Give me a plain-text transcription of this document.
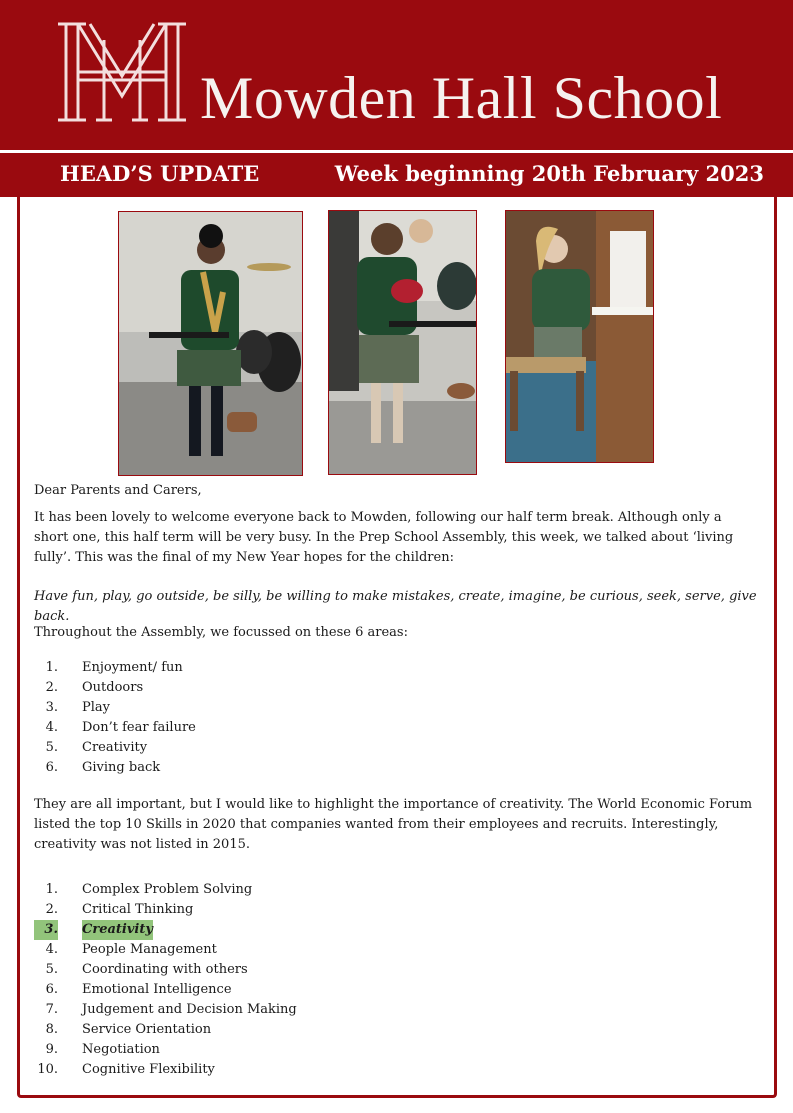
Mowden Hall School
HEAD’S UPDATE	Week beginning 20th February 2023
Dear Parents and Carers,
It has been lovely to welcome everyone back to Mowden, following our half term break. Although only a short one, this half term will be very busy. In the Prep School Assembly, this week, we talked about ‘living fully’. This was the final of my New Year hopes for the children:
Have fun, play, go outside, be silly, be willing to make mistakes, create, imagine, be curious, seek, serve, give back.
Throughout the Assembly, we focussed on these 6 areas:
1. Enjoyment/ fun
2. Outdoors
3. Play
4. Don’t fear failure
5. Creativity
6. Giving back
They are all important, but I would like to highlight the importance of creativity. The World Economic Forum listed the top 10 Skills in 2020 that companies wanted from their employees and recruits. Interestingly, creativity was not listed in 2015.
1. Complex Problem Solving
2. Critical Thinking
3. Creativity
4. People Management
5. Coordinating with others
6. Emotional Intelligence
7. Judgement and Decision Making
8. Service Orientation
9. Negotiation
10. Cognitive Flexibility
